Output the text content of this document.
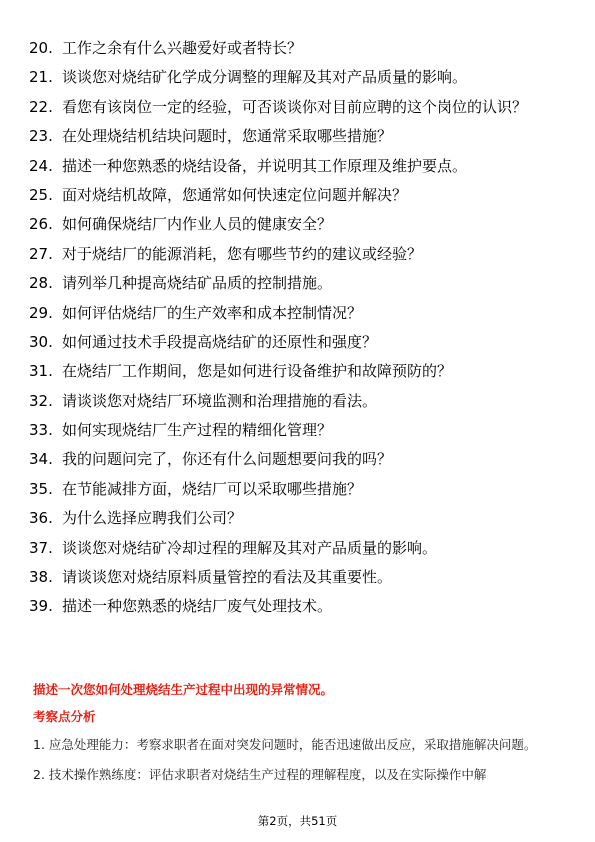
20. 工作之余有什么兴趣爱好或者特长？
21. 谈谈您对烧结矿化学成分调整的理解及其对产品质量的影响。
22. 看您有该岗位一定的经验，可否谈谈你对目前应聘的这个岗位的认识？
23. 在处理烧结机结块问题时，您通常采取哪些措施？
24. 描述一种您熟悉的烧结设备，并说明其工作原理及维护要点。
25. 面对烧结机故障，您通常如何快速定位问题并解决？
26. 如何确保烧结厂内作业人员的健康安全？
27. 对于烧结厂的能源消耗，您有哪些节约的建议或经验？
28. 请列举几种提高烧结矿品质的控制措施。
29. 如何评估烧结厂的生产效率和成本控制情况？
30. 如何通过技术手段提高烧结矿的还原性和强度？
31. 在烧结厂工作期间，您是如何进行设备维护和故障预防的？
32. 请谈谈您对烧结厂环境监测和治理措施的看法。
33. 如何实现烧结厂生产过程的精细化管理？
34. 我的问题问完了，你还有什么问题想要问我的吗？
35. 在节能减排方面，烧结厂可以采取哪些措施？
36. 为什么选择应聘我们公司？
37. 谈谈您对烧结矿冷却过程的理解及其对产品质量的影响。
38. 请谈谈您对烧结原料质量管控的看法及其重要性。
39. 描述一种您熟悉的烧结厂废气处理技术。
描述一次您如何处理烧结生产过程中出现的异常情况。
考察点分析

1. 应急处理能力：考察求职者在面对突发问题时，能否迅速做出反应，采取措施解决问题。

2. 技术操作熟练度：评估求职者对烧结生产过程的理解程度，以及在实际操作中解

第2页，共51页
